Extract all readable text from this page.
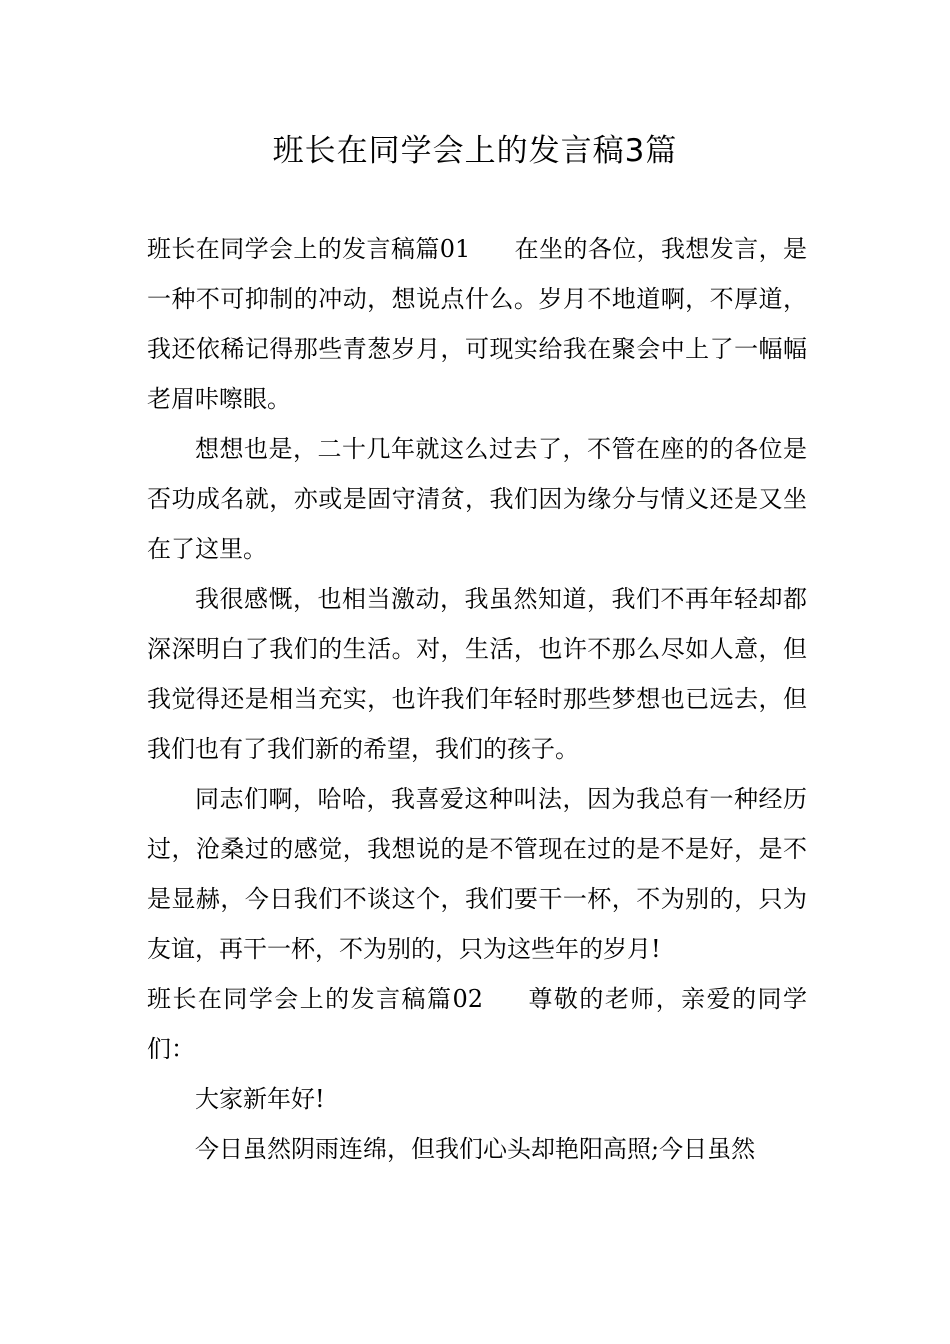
班长在同学会上的发言稿3篇

班长在同学会上的发言稿篇01 在坐的各位，我想发言，是一种不可抑制的冲动，想说点什么。岁月不地道啊，不厚道，我还依稀记得那些青葱岁月，可现实给我在聚会中上了一幅幅老眉咔嚓眼。

想想也是，二十几年就这么过去了，不管在座的的各位是否功成名就，亦或是固守清贫，我们因为缘分与情义还是又坐在了这里。

我很感慨，也相当激动，我虽然知道，我们不再年轻却都深深明白了我们的生活。对，生活，也许不那么尽如人意，但我觉得还是相当充实，也许我们年轻时那些梦想也已远去，但我们也有了我们新的希望，我们的孩子。

同志们啊，哈哈，我喜爱这种叫法，因为我总有一种经历过，沧桑过的感觉，我想说的是不管现在过的是不是好，是不是显赫，今日我们不谈这个，我们要干一杯，不为别的，只为友谊，再干一杯，不为别的，只为这些年的岁月!

班长在同学会上的发言稿篇02 尊敬的老师，亲爱的同学们：

大家新年好!

今日虽然阴雨连绵，但我们心头却艳阳高照;今日虽然
